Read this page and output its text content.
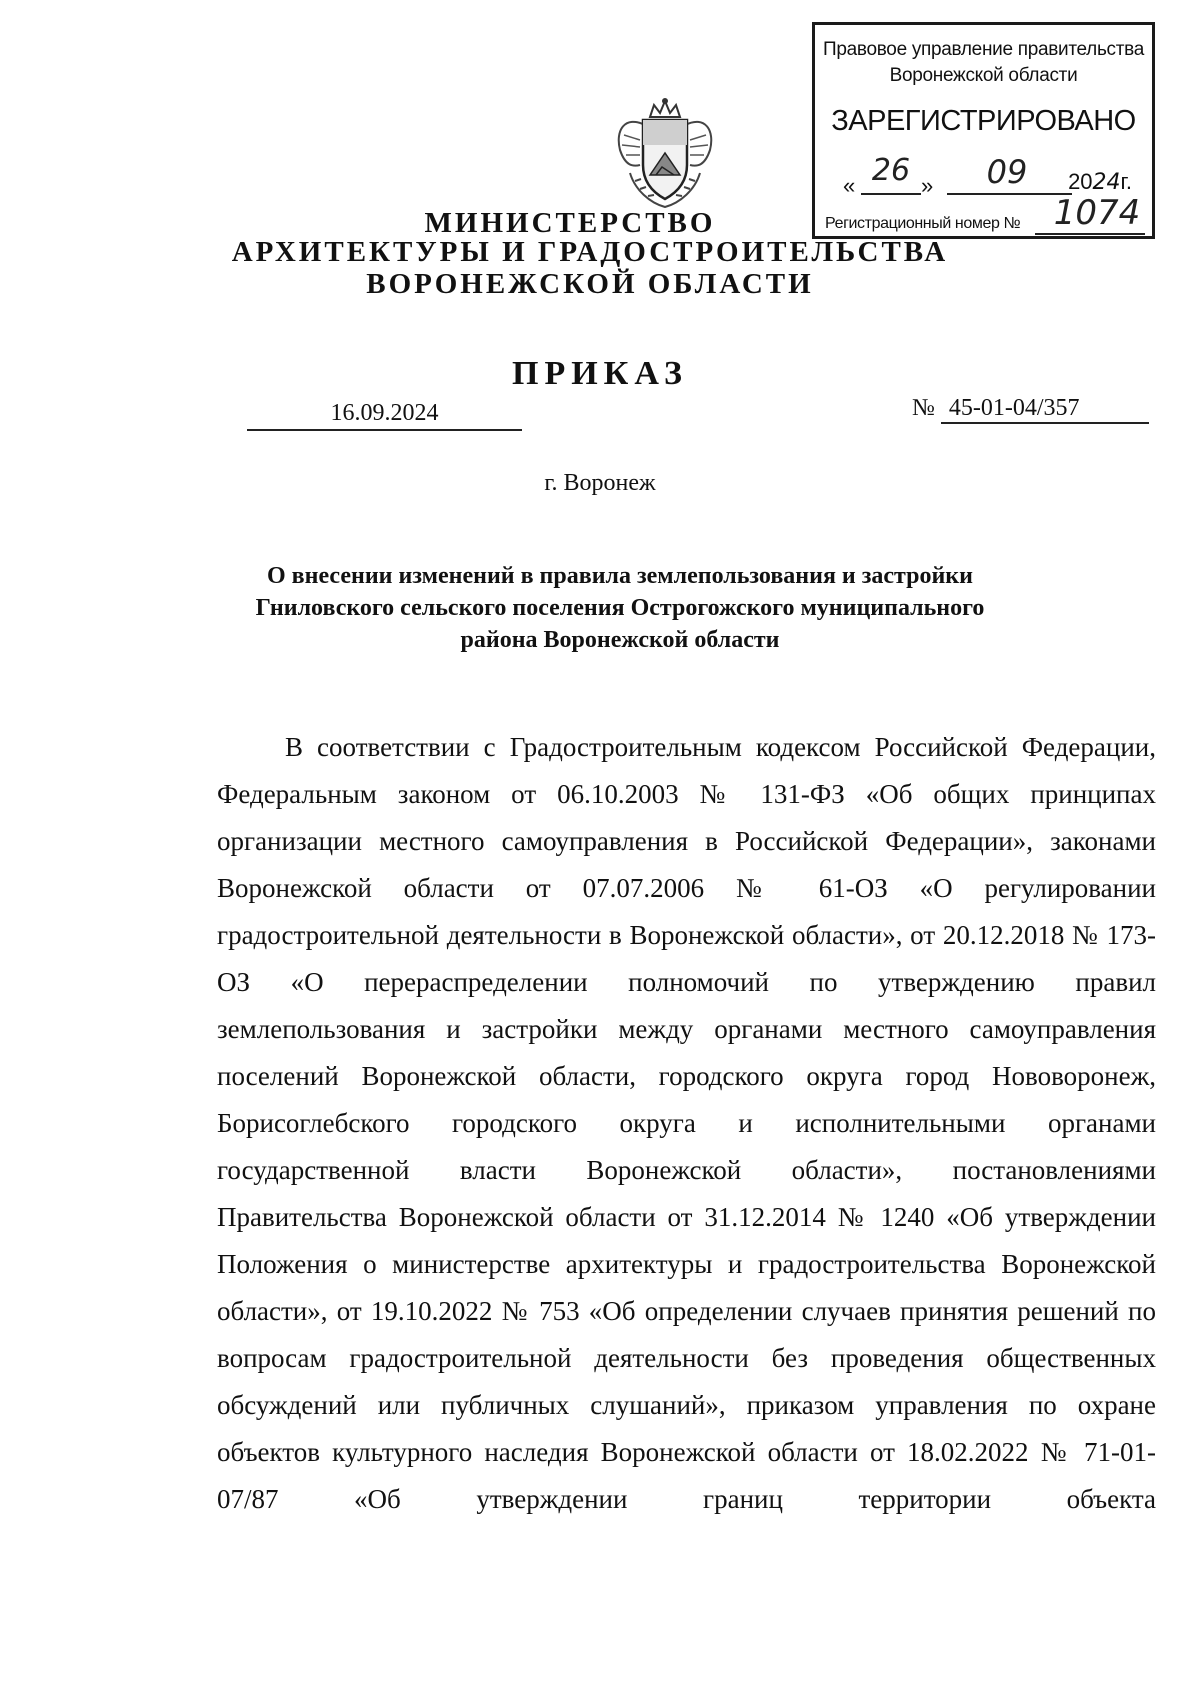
Правовое управление правительства
Воронежской области
ЗАРЕГИСТРИРОВАНО
« 26 »	09	2024г.
Регистрационный номер № 1074
МИНИСТЕРСТВО
АРХИТЕКТУРЫ И ГРАДОСТРОИТЕЛЬСТВА
ВОРОНЕЖСКОЙ ОБЛАСТИ
ПРИКАЗ
16.09.2024	№ 45-01-04/357
г. Воронеж
О внесении изменений в правила землепользования и застройки Гниловского сельского поселения Острогожского муниципального района Воронежской области
В соответствии с Градостроительным кодексом Российской Федерации, Федеральным законом от 06.10.2003 № 131-ФЗ «Об общих принципах организации местного самоуправления в Российской Федерации», законами Воронежской области от 07.07.2006 № 61-ОЗ «О регулировании градостроительной деятельности в Воронежской области», от 20.12.2018 № 173-ОЗ «О перераспределении полномочий по утверждению правил землепользования и застройки между органами местного самоуправления поселений Воронежской области, городского округа город Нововоронеж, Борисоглебского городского округа и исполнительными органами государственной власти Воронежской области», постановлениями Правительства Воронежской области от 31.12.2014 № 1240 «Об утверждении Положения о министерстве архитектуры и градостроительства Воронежской области», от 19.10.2022 № 753 «Об определении случаев принятия решений по вопросам градостроительной деятельности без проведения общественных обсуждений или публичных слушаний», приказом управления по охране объектов культурного наследия Воронежской области от 18.02.2022 № 71-01-07/87 «Об утверждении границ территории объекта
